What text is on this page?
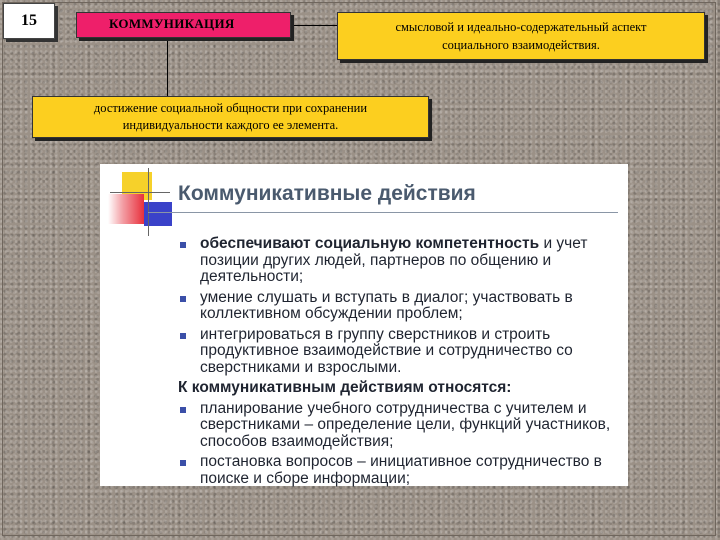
15	КОММУНИКАЦИЯ	смысловой и идеально-содержательный аспект
социального взаимодействия.
достижение социальной общности при сохранении
индивидуальности каждого ее элемента.
Коммуникативные действия
обеспечивают социальную компетентность и учет позиции других людей, партнеров по общению и деятельности;
умение слушать и вступать в диалог; участвовать в коллективном обсуждении проблем;
интегрироваться в группу сверстников и строить продуктивное взаимодействие и сотрудничество со сверстниками и взрослыми.
К коммуникативным действиям относятся:
планирование учебного сотрудничества с учителем и сверстниками – определение цели, функций участников, способов взаимодействия;
постановка вопросов – инициативное сотрудничество в поиске и сборе информации;
